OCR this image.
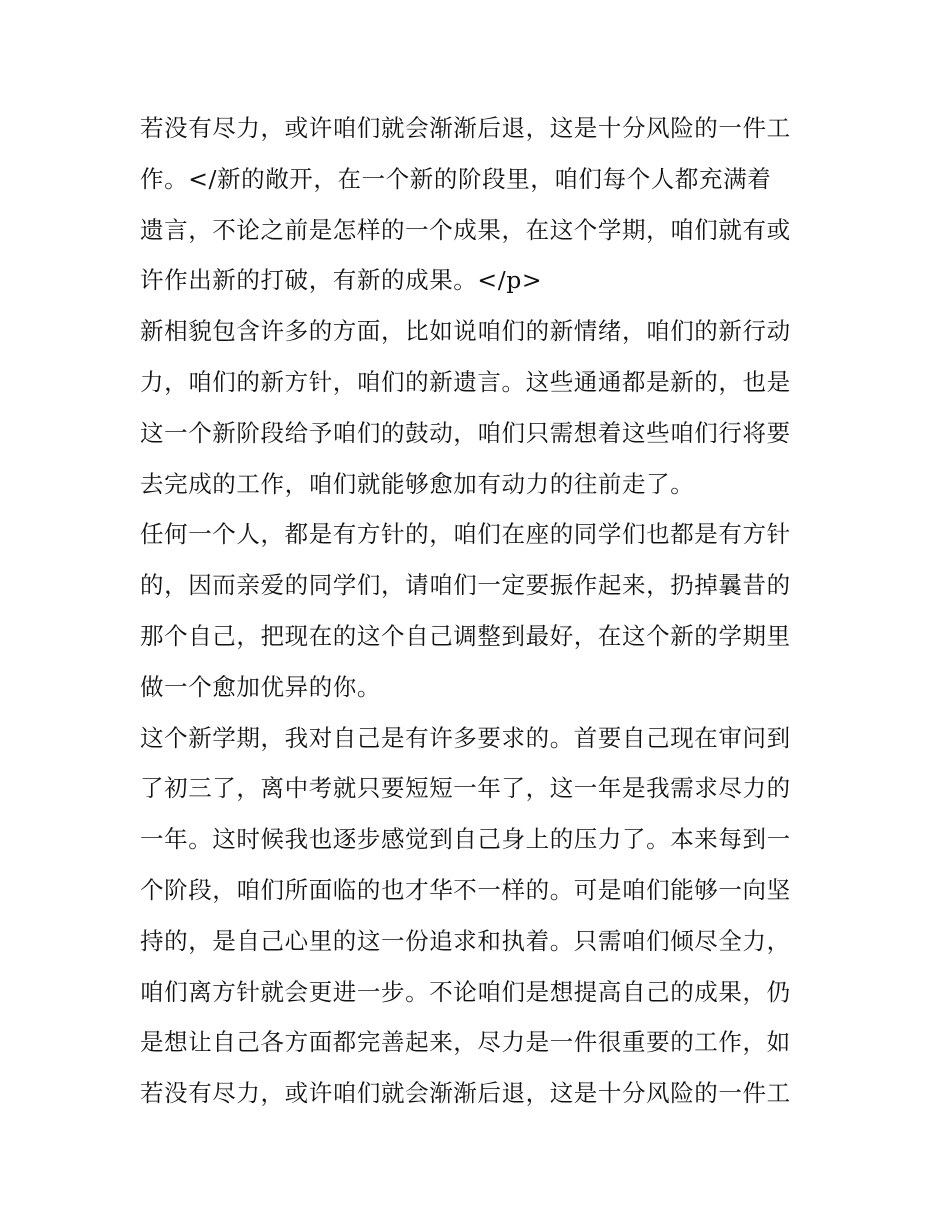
若没有尽力，或许咱们就会渐渐后退，这是十分风险的一件工
作。</新的敞开，在一个新的阶段里，咱们每个人都充满着
遗言，不论之前是怎样的一个成果，在这个学期，咱们就有或
许作出新的打破，有新的成果。</p>
新相貌包含许多的方面，比如说咱们的新情绪，咱们的新行动
力，咱们的新方针，咱们的新遗言。这些通通都是新的，也是
这一个新阶段给予咱们的鼓动，咱们只需想着这些咱们行将要
去完成的工作，咱们就能够愈加有动力的往前走了。
任何一个人，都是有方针的，咱们在座的同学们也都是有方针
的，因而亲爱的同学们，请咱们一定要振作起来，扔掉曩昔的
那个自己，把现在的这个自己调整到最好，在这个新的学期里
做一个愈加优异的你。
这个新学期，我对自己是有许多要求的。首要自己现在审问到
了初三了，离中考就只要短短一年了，这一年是我需求尽力的
一年。这时候我也逐步感觉到自己身上的压力了。本来每到一
个阶段，咱们所面临的也才华不一样的。可是咱们能够一向坚
持的，是自己心里的这一份追求和执着。只需咱们倾尽全力，
咱们离方针就会更进一步。不论咱们是想提高自己的成果，仍
是想让自己各方面都完善起来，尽力是一件很重要的工作，如
若没有尽力，或许咱们就会渐渐后退，这是十分风险的一件工
